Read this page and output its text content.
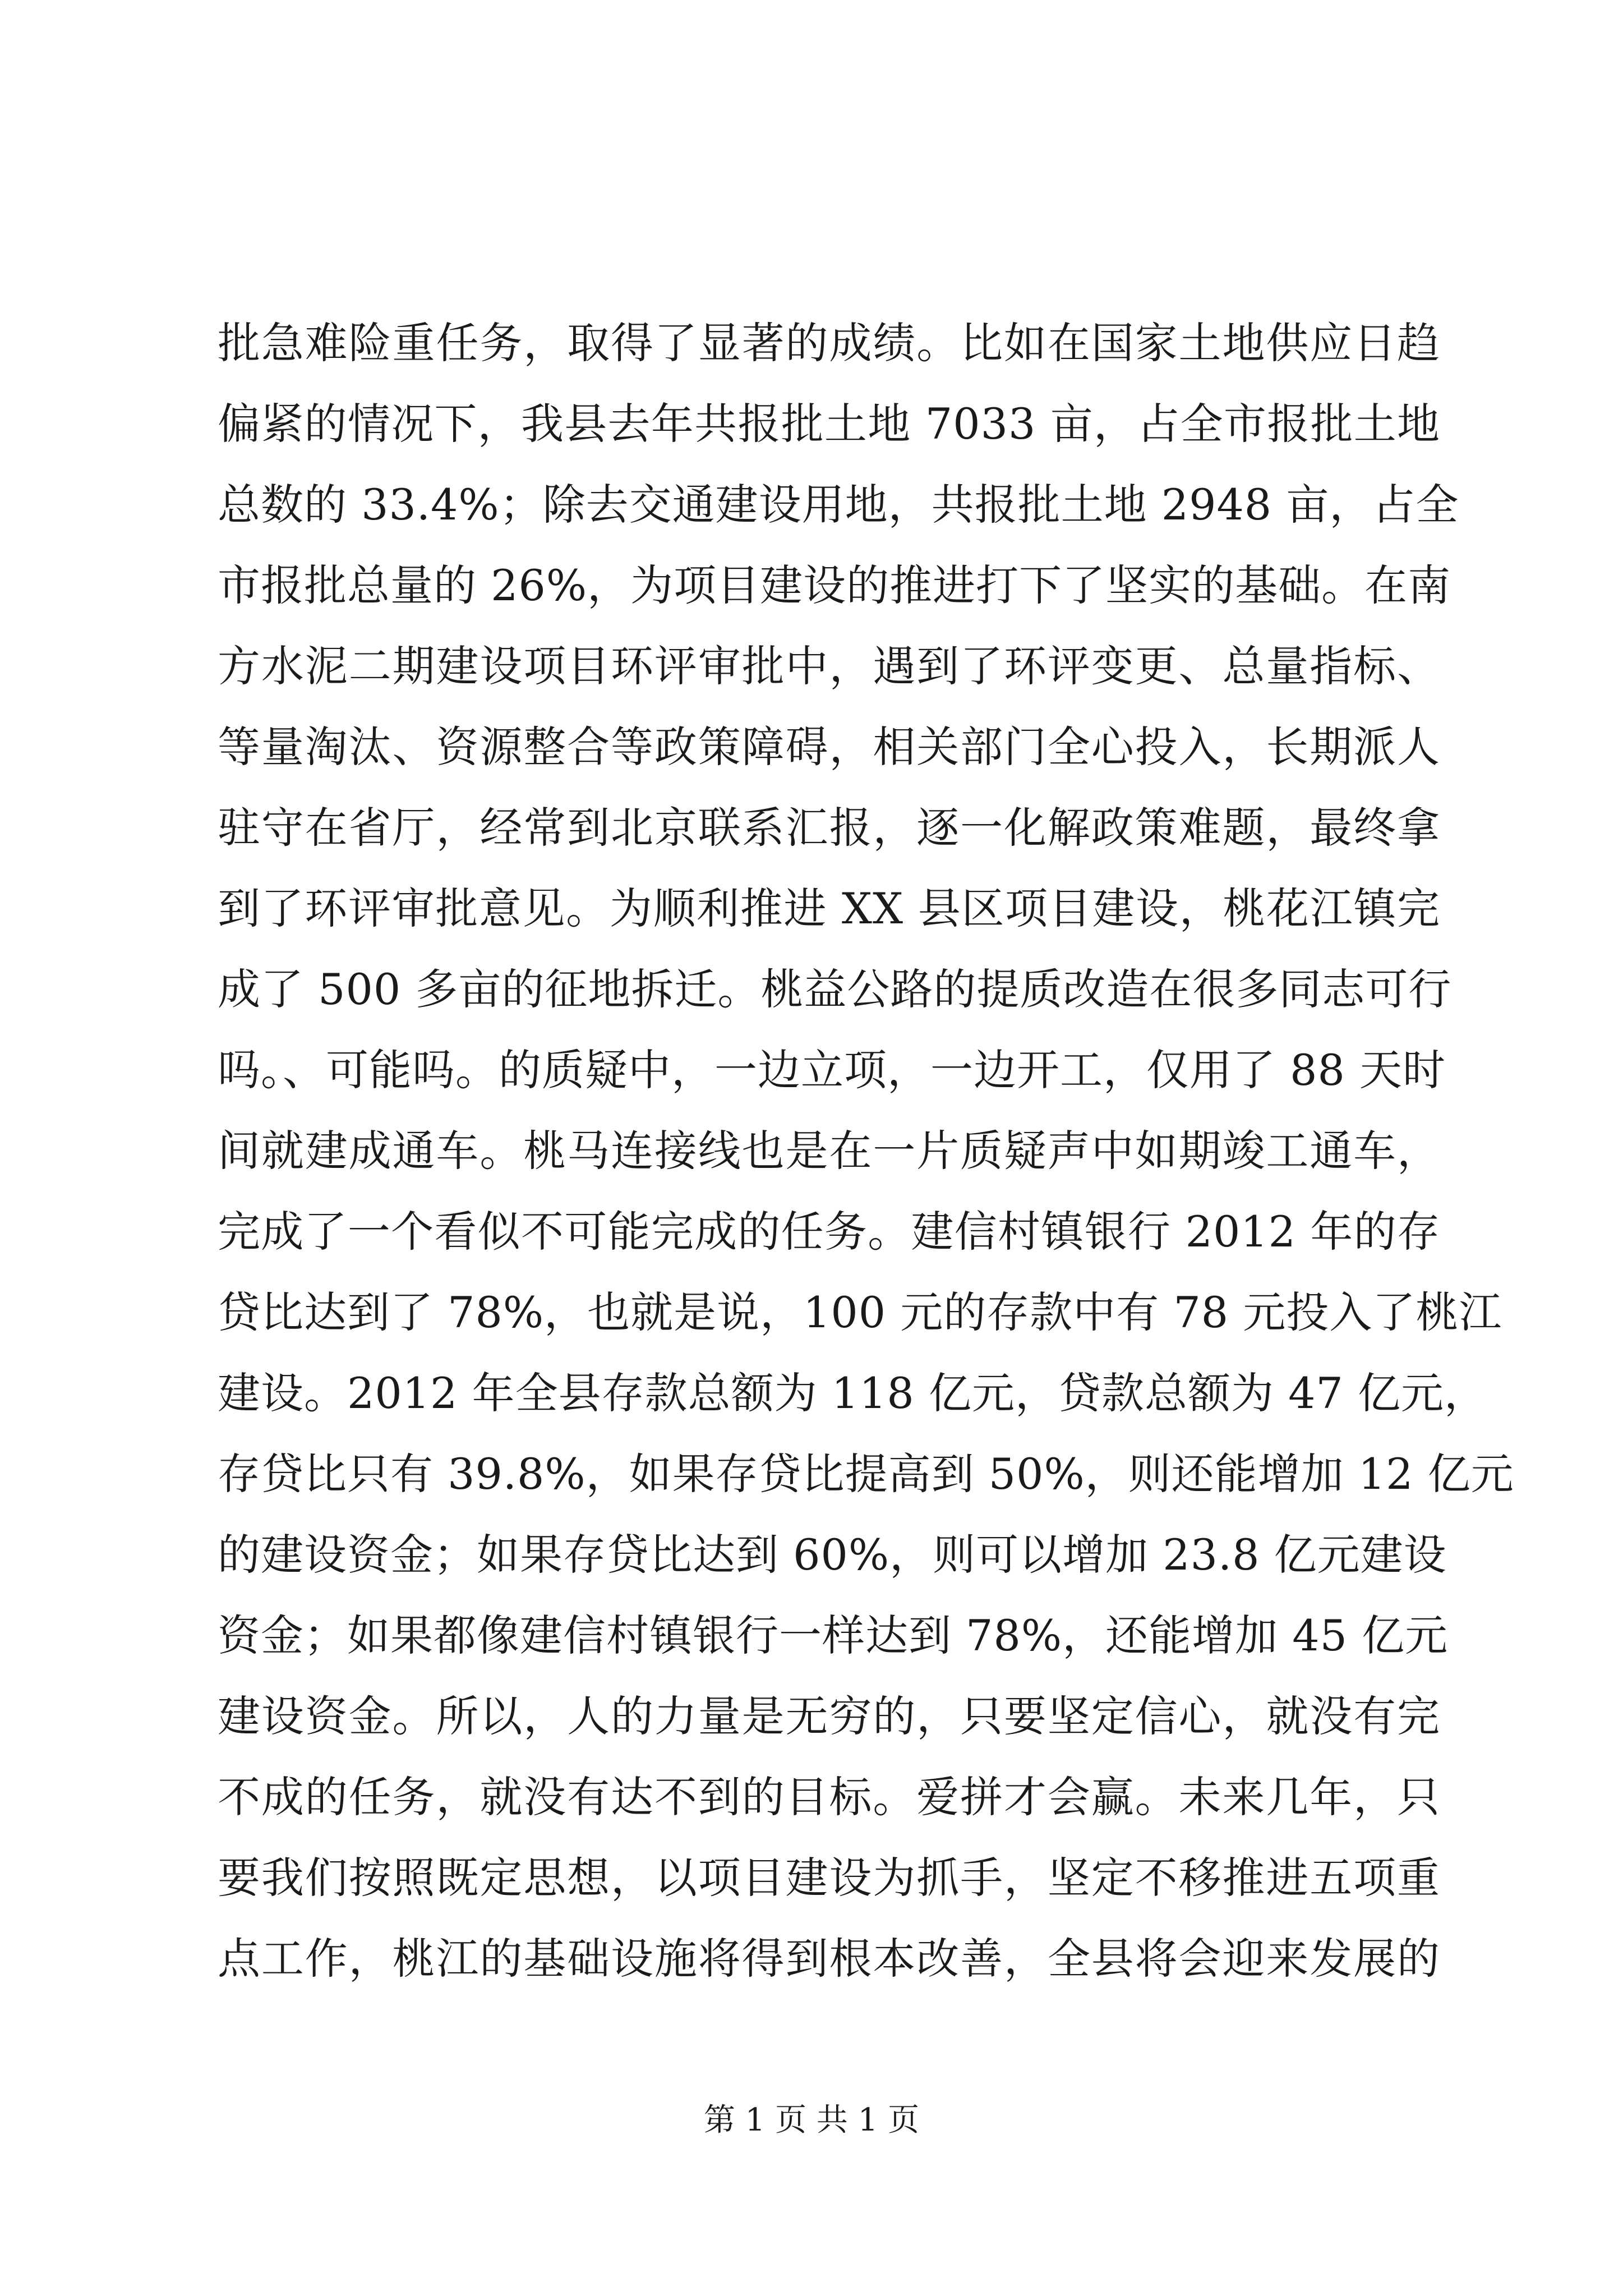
批急难险重任务，取得了显著的成绩。比如在国家土地供应日趋
偏紧的情况下，我县去年共报批土地 7033 亩，占全市报批土地
总数的 33.4%；除去交通建设用地，共报批土地 2948 亩，占全
市报批总量的 26%，为项目建设的推进打下了坚实的基础。在南
方水泥二期建设项目环评审批中，遇到了环评变更、总量指标、
等量淘汰、资源整合等政策障碍，相关部门全心投入，长期派人
驻守在省厅，经常到北京联系汇报，逐一化解政策难题，最终拿
到了环评审批意见。为顺利推进 XX 县区项目建设，桃花江镇完
成了 500 多亩的征地拆迁。桃益公路的提质改造在很多同志可行
吗。、可能吗。的质疑中，一边立项，一边开工，仅用了 88 天时
间就建成通车。桃马连接线也是在一片质疑声中如期竣工通车，
完成了一个看似不可能完成的任务。建信村镇银行 2012 年的存
贷比达到了 78%，也就是说，100 元的存款中有 78 元投入了桃江
建设。2012 年全县存款总额为 118 亿元，贷款总额为 47 亿元，
存贷比只有 39.8%，如果存贷比提高到 50%，则还能增加 12 亿元
的建设资金；如果存贷比达到 60%，则可以增加 23.8 亿元建设
资金；如果都像建信村镇银行一样达到 78%，还能增加 45 亿元
建设资金。所以，人的力量是无穷的，只要坚定信心，就没有完
不成的任务，就没有达不到的目标。爱拼才会赢。未来几年，只
要我们按照既定思想，以项目建设为抓手，坚定不移推进五项重
点工作，桃江的基础设施将得到根本改善，全县将会迎来发展的
第 1 页 共 1 页
